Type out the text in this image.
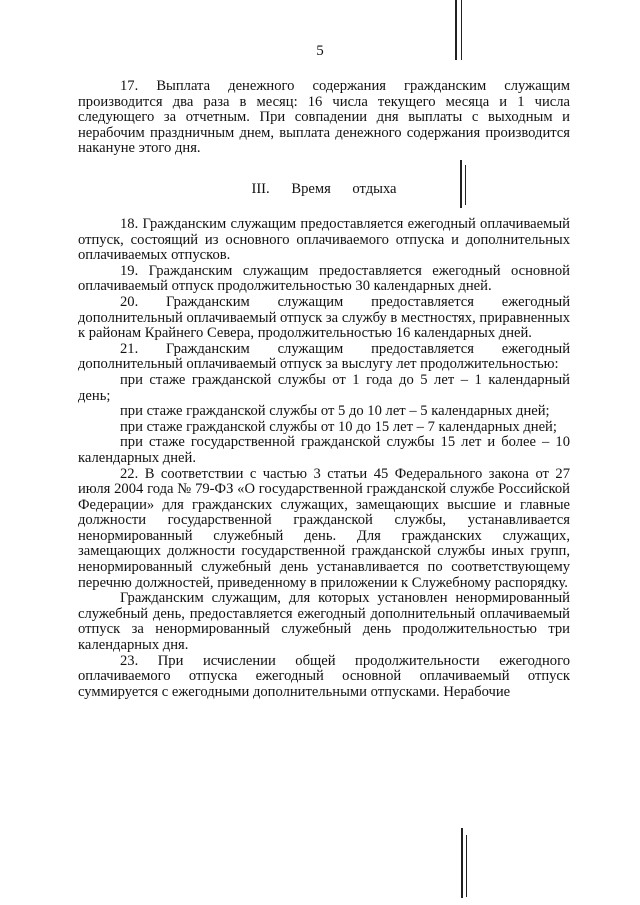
5

17. Выплата денежного содержания гражданским служащим производится два раза в месяц: 16 числа текущего месяца и 1 числа следующего за отчетным. При совпадении дня выплаты с выходным и нерабочим праздничным днем, выплата денежного содержания производится накануне этого дня.

III. Время отдыха

18. Гражданским служащим предоставляется ежегодный оплачиваемый отпуск, состоящий из основного оплачиваемого отпуска и дополнительных оплачиваемых отпусков.

19. Гражданским служащим предоставляется ежегодный основной оплачиваемый отпуск продолжительностью 30 календарных дней.

20. Гражданским служащим предоставляется ежегодный дополнительный оплачиваемый отпуск за службу в местностях, приравненных к районам Крайнего Севера, продолжительностью 16 календарных дней.

21. Гражданским служащим предоставляется ежегодный дополнительный оплачиваемый отпуск за выслугу лет продолжительностью:

при стаже гражданской службы от 1 года до 5 лет – 1 календарный день;

при стаже гражданской службы от 5 до 10 лет – 5 календарных дней;

при стаже гражданской службы от 10 до 15 лет – 7 календарных дней;

при стаже государственной гражданской службы 15 лет и более – 10 календарных дней.

22. В соответствии с частью 3 статьи 45 Федерального закона от 27 июля 2004 года № 79-ФЗ «О государственной гражданской службе Российской Федерации» для гражданских служащих, замещающих высшие и главные должности государственной гражданской службы, устанавливается ненормированный служебный день. Для гражданских служащих, замещающих должности государственной гражданской службы иных групп, ненормированный служебный день устанавливается по соответствующему перечню должностей, приведенному в приложении к Служебному распорядку.

Гражданским служащим, для которых установлен ненормированный служебный день, предоставляется ежегодный дополнительный оплачиваемый отпуск за ненормированный служебный день продолжительностью три календарных дня.

23. При исчислении общей продолжительности ежегодного оплачиваемого отпуска ежегодный основной оплачиваемый отпуск суммируется с ежегодными дополнительными отпусками. Нерабочие
